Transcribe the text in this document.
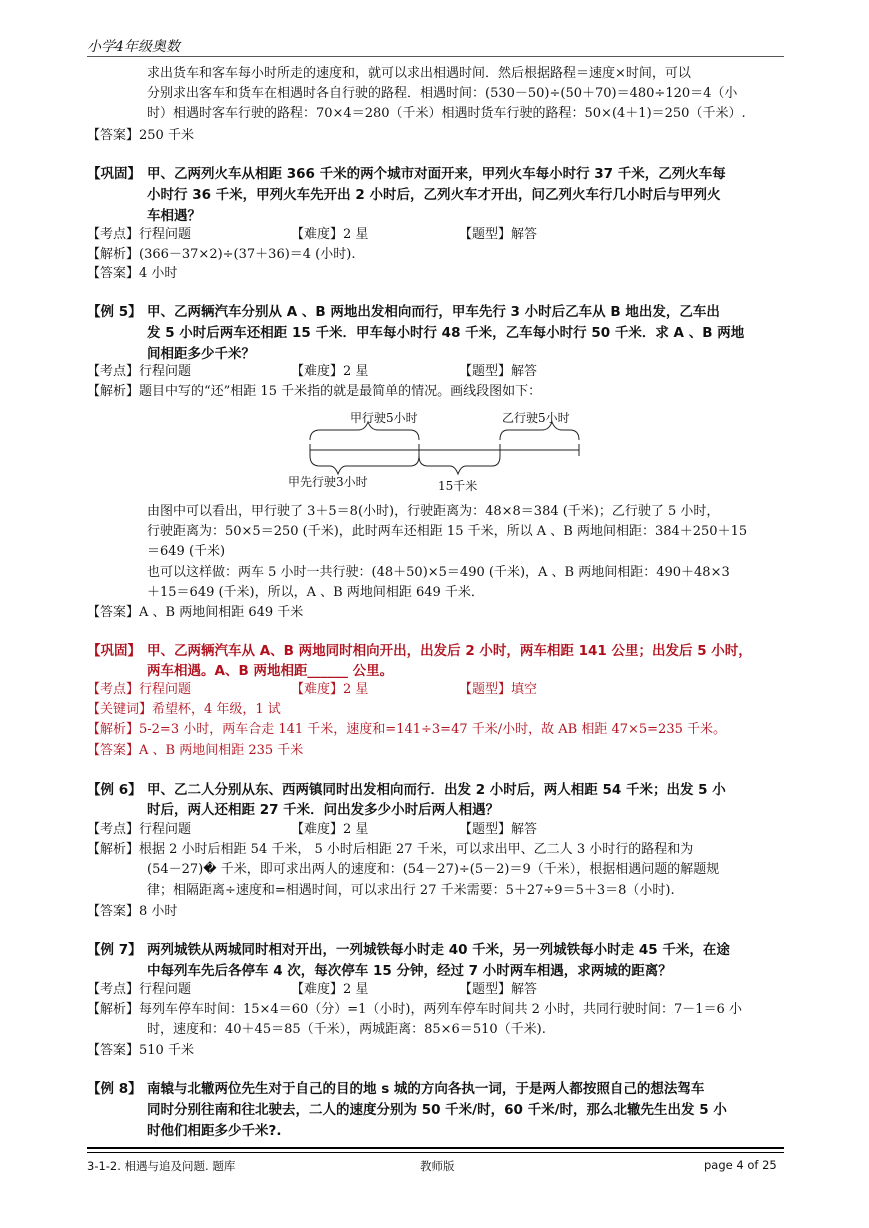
小学4年级奥数
求出货车和客车每小时所走的速度和，就可以求出相遇时间．然后根据路程＝速度×时间，可以
分别求出客车和货车在相遇时各自行驶的路程．相遇时间：(530－50)÷(50＋70)＝480÷120＝4（小
时）相遇时客车行驶的路程：70×4＝280（千米）相遇时货车行驶的路程：50×(4＋1)＝250（千米）.
【答案】250 千米
【巩固】 甲、乙两列火车从相距 366 千米的两个城市对面开来，甲列火车每小时行 37 千米，乙列火车每
小时行 36 千米，甲列火车先开出 2 小时后，乙列火车才开出，问乙列火车行几小时后与甲列火
车相遇？
【考点】行程问题	【难度】2 星	【题型】解答
【解析】(366－37×2)÷(37＋36)＝4 (小时).
【答案】4 小时
【例 5】 甲、乙两辆汽车分别从 A 、B 两地出发相向而行，甲车先行 3 小时后乙车从 B 地出发，乙车出
发 5 小时后两车还相距 15 千米．甲车每小时行 48 千米，乙车每小时行 50 千米．求 A 、B 两地
间相距多少千米？
【考点】行程问题	【难度】2 星	【题型】解答
【解析】题目中写的“还”相距 15 千米指的就是最简单的情况。画线段图如下：
甲行驶5小时	乙行驶5小时
甲先行驶3小时	15千米
由图中可以看出，甲行驶了 3＋5＝8(小时)，行驶距离为：48×8＝384 (千米)；乙行驶了 5 小时，
行驶距离为：50×5＝250 (千米)，此时两车还相距 15 千米，所以 A 、B 两地间相距：384＋250＋15
＝649 (千米)
也可以这样做：两车 5 小时一共行驶：(48＋50)×5＝490 (千米)，A 、B 两地间相距：490＋48×3
＋15＝649 (千米)，所以，A 、B 两地间相距 649 千米．
【答案】A 、B 两地间相距 649 千米
【巩固】 甲、乙两辆汽车从 A、B 两地同时相向开出，出发后 2 小时，两车相距 141 公里；出发后 5 小时，
两车相遇。A、B 两地相距______ 公里。
【考点】行程问题	【难度】2 星	【题型】填空
【关键词】希望杯，4 年级，1 试
【解析】5-2=3 小时，两车合走 141 千米，速度和=141÷3=47 千米/小时，故 AB 相距 47×5=235 千米。
【答案】A 、B 两地间相距 235 千米
【例 6】 甲、乙二人分别从东、西两镇同时出发相向而行．出发 2 小时后，两人相距 54 千米；出发 5 小
时后，两人还相距 27 千米．问出发多少小时后两人相遇？
【考点】行程问题	【难度】2 星	【题型】解答
【解析】根据 2 小时后相距 54 千米， 5 小时后相距 27 千米，可以求出甲、乙二人 3 小时行的路程和为
(54－27)� 千米，即可求出两人的速度和：(54－27)÷(5－2)＝9（千米），根据相遇问题的解题规
律；相隔距离÷速度和=相遇时间，可以求出行 27 千米需要：5＋27÷9＝5＋3＝8（小时).
【答案】8 小时
【例 7】 两列城铁从两城同时相对开出，一列城铁每小时走 40 千米，另一列城铁每小时走 45 千米，在途
中每列车先后各停车 4 次，每次停车 15 分钟，经过 7 小时两车相遇，求两城的距离？
【考点】行程问题	【难度】2 星	【题型】解答
【解析】每列车停车时间：15×4＝60（分）=1（小时)，两列车停车时间共 2 小时，共同行驶时间：7－1＝6 小
时，速度和：40＋45＝85（千米），两城距离：85×6＝510（千米).
【答案】510 千米
【例 8】 南辕与北辙两位先生对于自己的目的地 s 城的方向各执一词，于是两人都按照自己的想法驾车
同时分别往南和往北驶去，二人的速度分别为 50 千米/时，60 千米/时，那么北辙先生出发 5 小
时他们相距多少千米?.
3-1-2. 相遇与追及问题. 题库	教师版	page 4 of 25
